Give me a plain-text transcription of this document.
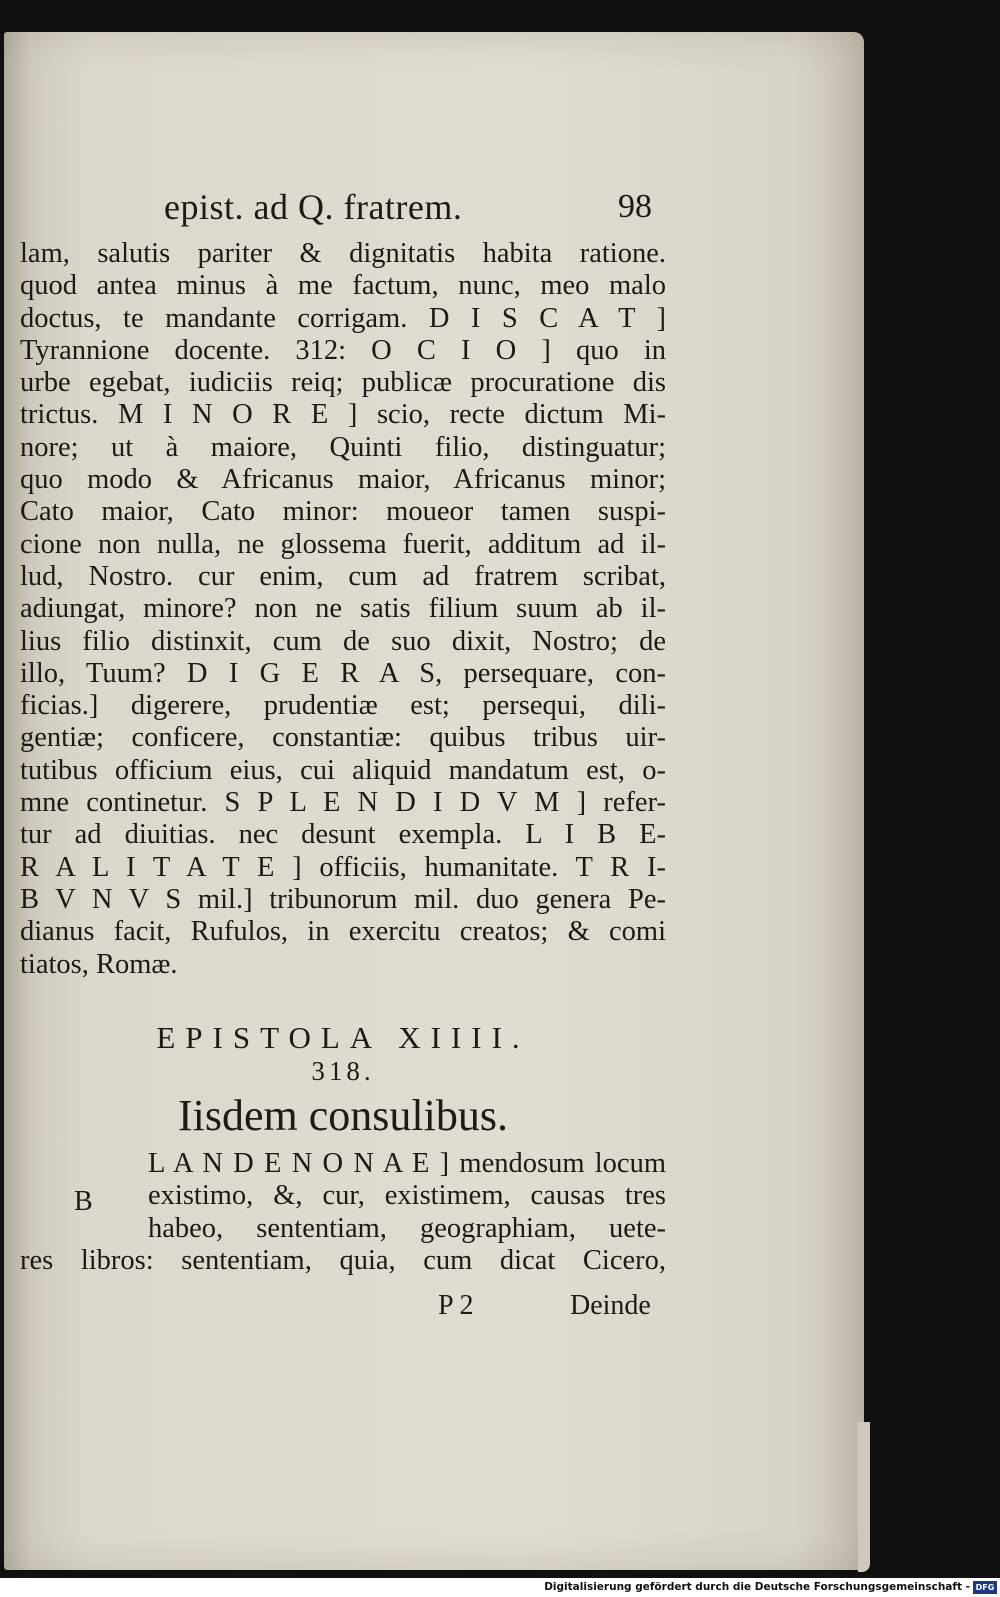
epist. ad Q. fratrem.	98
lam, salutis pariter & dignitatis habita ratione.
quod antea minus à me factum, nunc, meo malo
doctus, te mandante corrigam. D I S C A T ]
Tyrannione docente. 312: O C I O ] quo in
urbe egebat, iudiciis reiq; publicæ procuratione dis
trictus. M I N O R E ] scio, recte dictum Mi-
nore; ut à maiore, Quinti filio, distinguatur;
quo modo & Africanus maior, Africanus minor;
Cato maior, Cato minor: moueor tamen suspi-
cione non nulla, ne glossema fuerit, additum ad il-
lud, Nostro. cur enim, cum ad fratrem scribat,
adiungat, minore? non ne satis filium suum ab il-
lius filio distinxit, cum de suo dixit, Nostro; de
illo, Tuum? D I G E R A S, persequare, con-
ficias.] digerere, prudentiæ est; persequi, dili-
gentiæ; conficere, constantiæ: quibus tribus uir-
tutibus officium eius, cui aliquid mandatum est, o-
mne continetur. S P L E N D I D V M ] refer-
tur ad diuitias. nec desunt exempla. L I B E-
R A L I T A T E ] officiis, humanitate. T R I-
B V N V S mil.] tribunorum mil. duo genera Pe-
dianus facit, Rufulos, in exercitu creatos; & comi
tiatos, Romæ.
EPISTOLA XIIII.
318.
Iisdem consulibus.
L A N D E N O N A E ] mendosum locum
existimo, &, cur, existimem, causas tres
habeo, sententiam, geographiam, uete-
res libros: sententiam, quia, cum dicat Cicero,
B
P 2	Deinde
Digitalisierung gefördert durch die Deutsche Forschungsgemeinschaft - DFG
